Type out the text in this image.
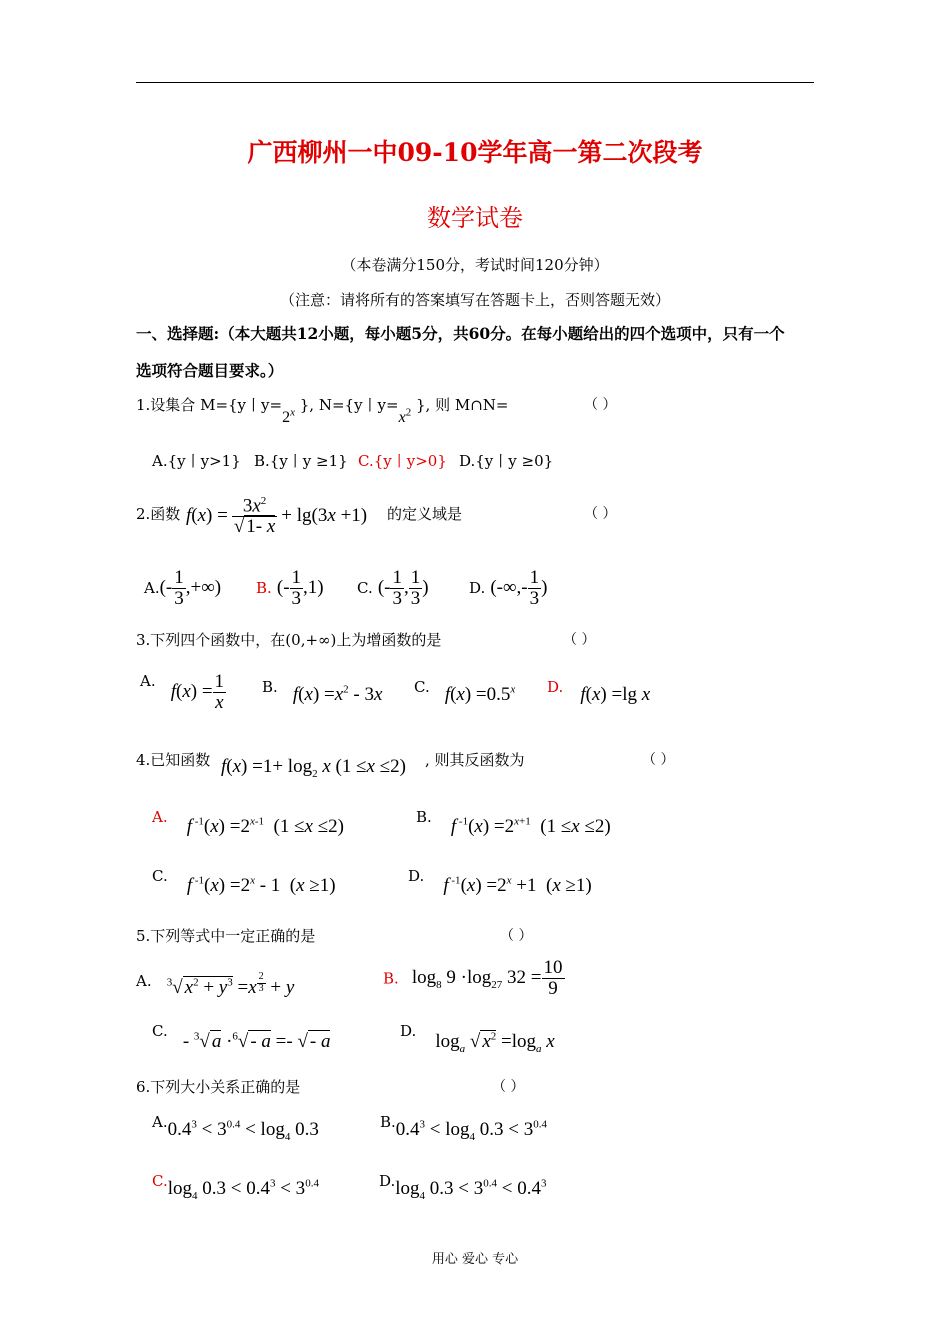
广西柳州一中09-10学年高一第二次段考
数学试卷
（本卷满分150分，考试时间120分钟）
（注意：请将所有的答案填写在答题卡上，否则答题无效）
一、选择题:（本大题共12小题，每小题5分，共60分。在每小题给出的四个选项中，只有一个
选项符合题目要求。）
1.设集合 M={y丨$y=2^x$ }, N={y丨$y=x^2$ }, 则 M∩N=	（ ）
A.{y丨y>1} B.{y丨y ≥1} C.{y丨y>0} D.{y丨y ≥0}
2.函数 $f(x) = \frac{3x^2}{√ 1- x} + \lg(3x +1)$ 的定义域是	（ ）
$A.(- \frac{1}{3}$ ,+∞) B. (- $\frac{1}{3} ,1$) C. (- $\frac{1}{3}$ , $\frac{1}{3}$ )	D. (-∞,- $\frac{1}{3}$ )
3.下列四个函数中，在(0,+∞)上为增函数的是	（ ）
A. $f(x) = \frac{1}{x} B$. $f(x) =x^2 - 3x$ C. $f(x) =0.5^x$ D. f(x) =lg x
4.已知函数 $f(x) =1+ \log_2 x$ (1 ≤x ≤2) , 则其反函数为	（ ）
A. f $^{-1}(x) =2^{x-1}$  (1 ≤x ≤2)	B. f $^{-1}(x) =2^{x+1}$  (1 ≤x ≤2)
C. f $^{-1}(x) =2^x - 1$  (x ≥1)	D. f $^{-1}(x) =2^x +1$  (x ≥1)
5.下列等式中一定正确的是	（ ）
A. $^3$√ $x^2 + y^3 =x$ $^{\frac{2}{3}}$ + y	B. $\log_8 9 \cdot\log_{27}$ $32 = \frac{10}{9}$
C. - $^3$√ a ·$^6$√ - a =- √ - a	D. $\log_a$ √ $x^2 =\log_a$ x
6.下列大小关系正确的是	（ ）
$A.0.4^3 < 3^{0.4} < \log_4 0.3$	$B.0.4^3 < \log_4 0.3 < 3^{0.4}$
$C.\log_4$ $0.3 < 0.4^3 < 3^{0.4}$	$D.\log_4$ $0.3 < 3^{0.4} < 0.4^3$
用心 爱心 专心
